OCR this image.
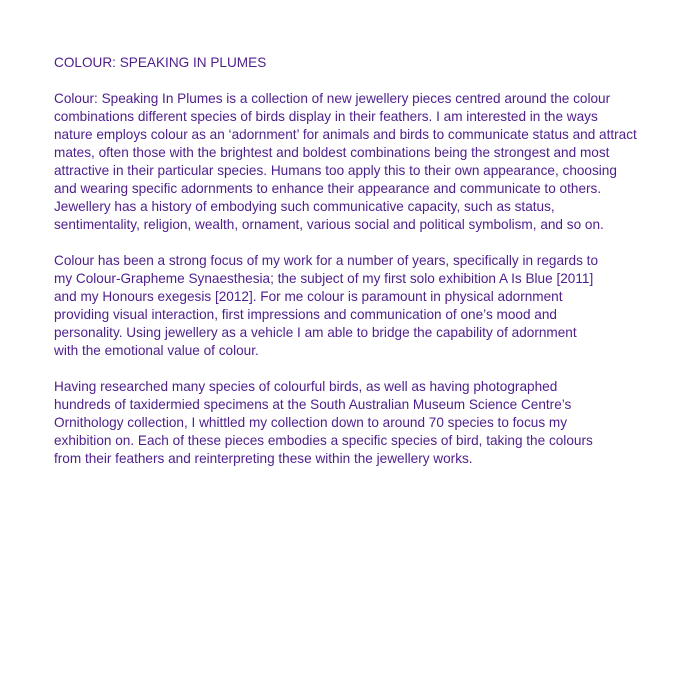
COLOUR: SPEAKING IN PLUMES
Colour: Speaking In Plumes is a collection of new jewellery pieces centred around the colour
combinations different species of birds display in their feathers. I am interested in the ways
nature employs colour as an ‘adornment’ for animals and birds to communicate status and attract
mates, often those with the brightest and boldest combinations being the strongest and most
attractive in their particular species. Humans too apply this to their own appearance, choosing
and wearing specific adornments to enhance their appearance and communicate to others.
Jewellery has a history of embodying such communicative capacity, such as status,
sentimentality, religion, wealth, ornament, various social and political symbolism, and so on.
Colour has been a strong focus of my work for a number of years, specifically in regards to
my Colour-Grapheme Synaesthesia; the subject of my first solo exhibition A Is Blue [2011]
and my Honours exegesis [2012]. For me colour is paramount in physical adornment
providing visual interaction, first impressions and communication of one’s mood and
personality. Using jewellery as a vehicle I am able to bridge the capability of adornment
with the emotional value of colour.
Having researched many species of colourful birds, as well as having photographed
hundreds of taxidermied specimens at the South Australian Museum Science Centre’s
Ornithology collection, I whittled my collection down to around 70 species to focus my
exhibition on. Each of these pieces embodies a specific species of bird, taking the colours
from their feathers and reinterpreting these within the jewellery works.
